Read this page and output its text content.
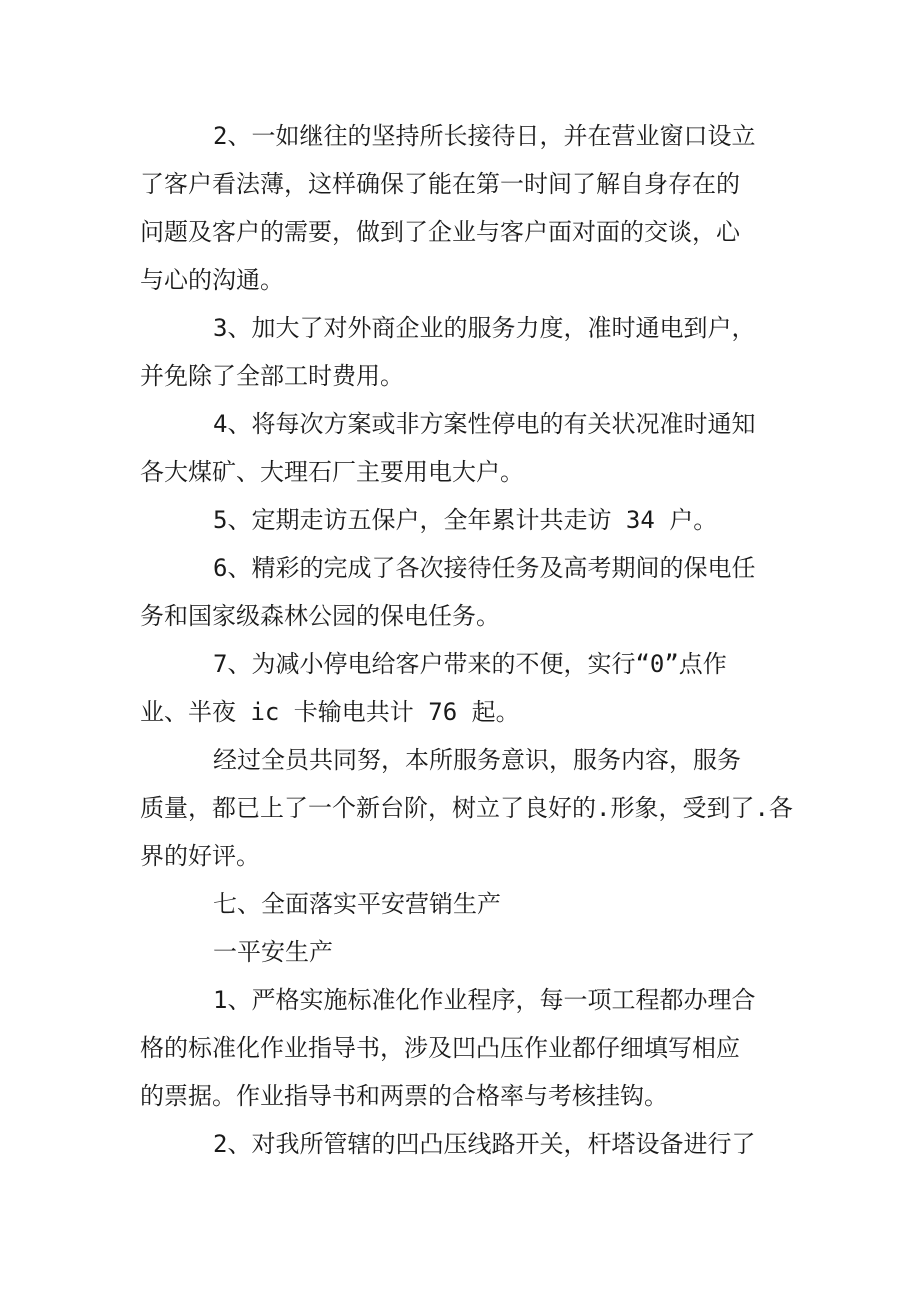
2、一如继往的坚持所长接待日，并在营业窗口设立
了客户看法薄，这样确保了能在第一时间了解自身存在的
问题及客户的需要，做到了企业与客户面对面的交谈，心
与心的沟通。
3、加大了对外商企业的服务力度，准时通电到户，
并免除了全部工时费用。
4、将每次方案或非方案性停电的有关状况准时通知
各大煤矿、大理石厂主要用电大户。
5、定期走访五保户，全年累计共走访 34 户。
6、精彩的完成了各次接待任务及高考期间的保电任
务和国家级森林公园的保电任务。
7、为减小停电给客户带来的不便，实行“0”点作
业、半夜 ic 卡输电共计 76 起。
经过全员共同努，本所服务意识，服务内容，服务
质量，都已上了一个新台阶，树立了良好的.形象，受到了.各
界的好评。
七、全面落实平安营销生产
一平安生产
1、严格实施标准化作业程序，每一项工程都办理合
格的标准化作业指导书，涉及凹凸压作业都仔细填写相应
的票据。作业指导书和两票的合格率与考核挂钩。
2、对我所管辖的凹凸压线路开关，杆塔设备进行了
